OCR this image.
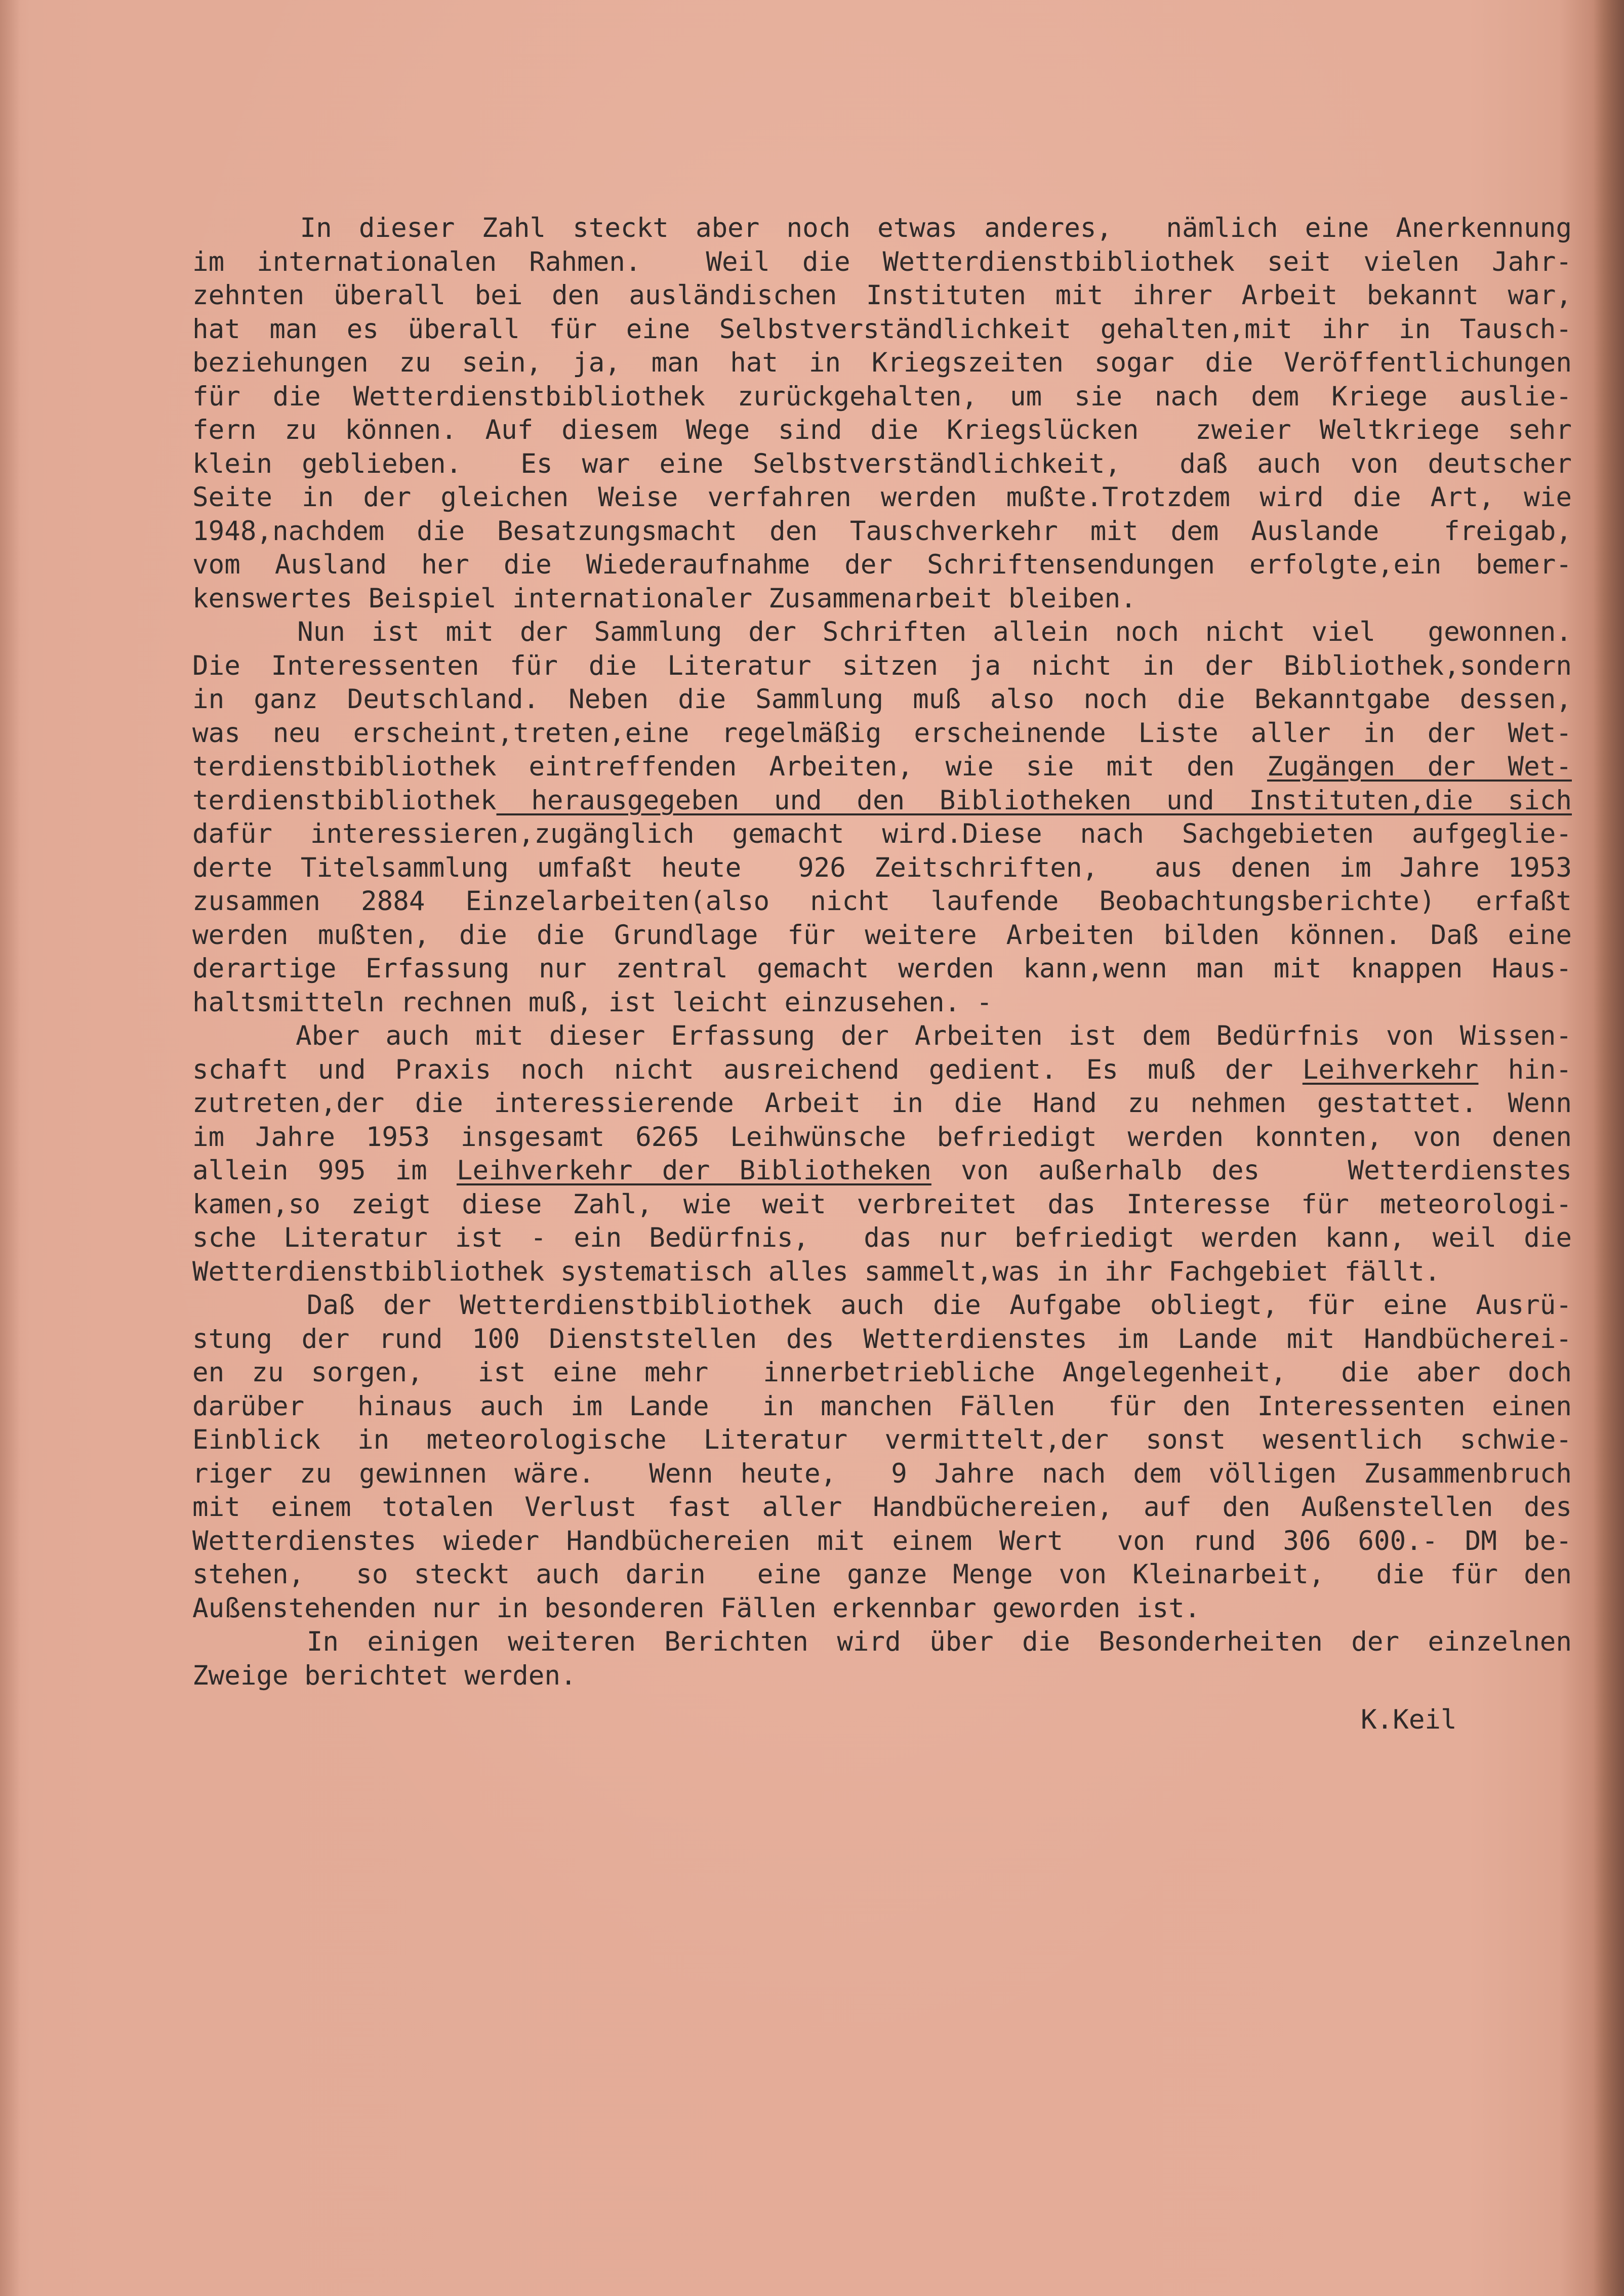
In dieser Zahl steckt aber noch etwas anderes,  nämlich eine Anerkennung
im internationalen Rahmen.  Weil die Wetterdienstbibliothek seit vielen Jahr-
zehnten überall bei den ausländischen Instituten mit ihrer Arbeit bekannt war,
hat man es überall für eine Selbstverständlichkeit gehalten,mit ihr in Tausch-
beziehungen zu sein, ja, man hat in Kriegszeiten sogar die Veröffentlichungen
für die Wetterdienstbibliothek zurückgehalten, um sie nach dem Kriege auslie-
fern zu können. Auf diesem Wege sind die Kriegslücken  zweier Weltkriege sehr
klein geblieben.  Es war eine Selbstverständlichkeit,  daß auch von deutscher
Seite in der gleichen Weise verfahren werden mußte.Trotzdem wird die Art, wie
1948,nachdem die Besatzungsmacht den Tauschverkehr mit dem Auslande  freigab,
vom Ausland her die Wiederaufnahme der Schriftensendungen erfolgte,ein bemer-
kenswertes Beispiel internationaler Zusammenarbeit bleiben.
Nun ist mit der Sammlung der Schriften allein noch nicht viel  gewonnen.
Die Interessenten für die Literatur sitzen ja nicht in der Bibliothek,sondern
in ganz Deutschland. Neben die Sammlung muß also noch die Bekanntgabe dessen,
was neu erscheint,treten,eine regelmäßig erscheinende Liste aller in der Wet-
terdienstbibliothek eintreffenden Arbeiten, wie sie mit den Zugängen der Wet-
terdienstbibliothek herausgegeben und den Bibliotheken und Instituten,die sich
dafür interessieren,zugänglich gemacht wird.Diese nach Sachgebieten aufgeglie-
derte Titelsammlung umfaßt heute  926 Zeitschriften,  aus denen im Jahre 1953
zusammen 2884 Einzelarbeiten(also nicht laufende Beobachtungsberichte) erfaßt
werden mußten, die die Grundlage für weitere Arbeiten bilden können. Daß eine
derartige Erfassung nur zentral gemacht werden kann,wenn man mit knappen Haus-
haltsmitteln rechnen muß, ist leicht einzusehen. -
Aber auch mit dieser Erfassung der Arbeiten ist dem Bedürfnis von Wissen-
schaft und Praxis noch nicht ausreichend gedient. Es muß der Leihverkehr hin-
zutreten,der die interessierende Arbeit in die Hand zu nehmen gestattet. Wenn
im Jahre 1953 insgesamt 6265 Leihwünsche befriedigt werden konnten, von denen
allein 995 im Leihverkehr der Bibliotheken von außerhalb des   Wetterdienstes
kamen,so zeigt diese Zahl, wie weit verbreitet das Interesse für meteorologi-
sche Literatur ist - ein Bedürfnis,  das nur befriedigt werden kann, weil die
Wetterdienstbibliothek systematisch alles sammelt,was in ihr Fachgebiet fällt.
Daß der Wetterdienstbibliothek auch die Aufgabe obliegt, für eine Ausrü-
stung der rund 100 Dienststellen des Wetterdienstes im Lande mit Handbücherei-
en zu sorgen,  ist eine mehr  innerbetriebliche Angelegenheit,  die aber doch
darüber  hinaus auch im Lande  in manchen Fällen  für den Interessenten einen
Einblick in meteorologische Literatur vermittelt,der sonst wesentlich schwie-
riger zu gewinnen wäre.  Wenn heute,  9 Jahre nach dem völligen Zusammenbruch
mit einem totalen Verlust fast aller Handbüchereien, auf den Außenstellen des
Wetterdienstes wieder Handbüchereien mit einem Wert  von rund 306 600.- DM be-
stehen,  so steckt auch darin  eine ganze Menge von Kleinarbeit,  die für den
Außenstehenden nur in besonderen Fällen erkennbar geworden ist.
In einigen weiteren Berichten wird über die Besonderheiten der einzelnen
Zweige berichtet werden.
K.Keil
